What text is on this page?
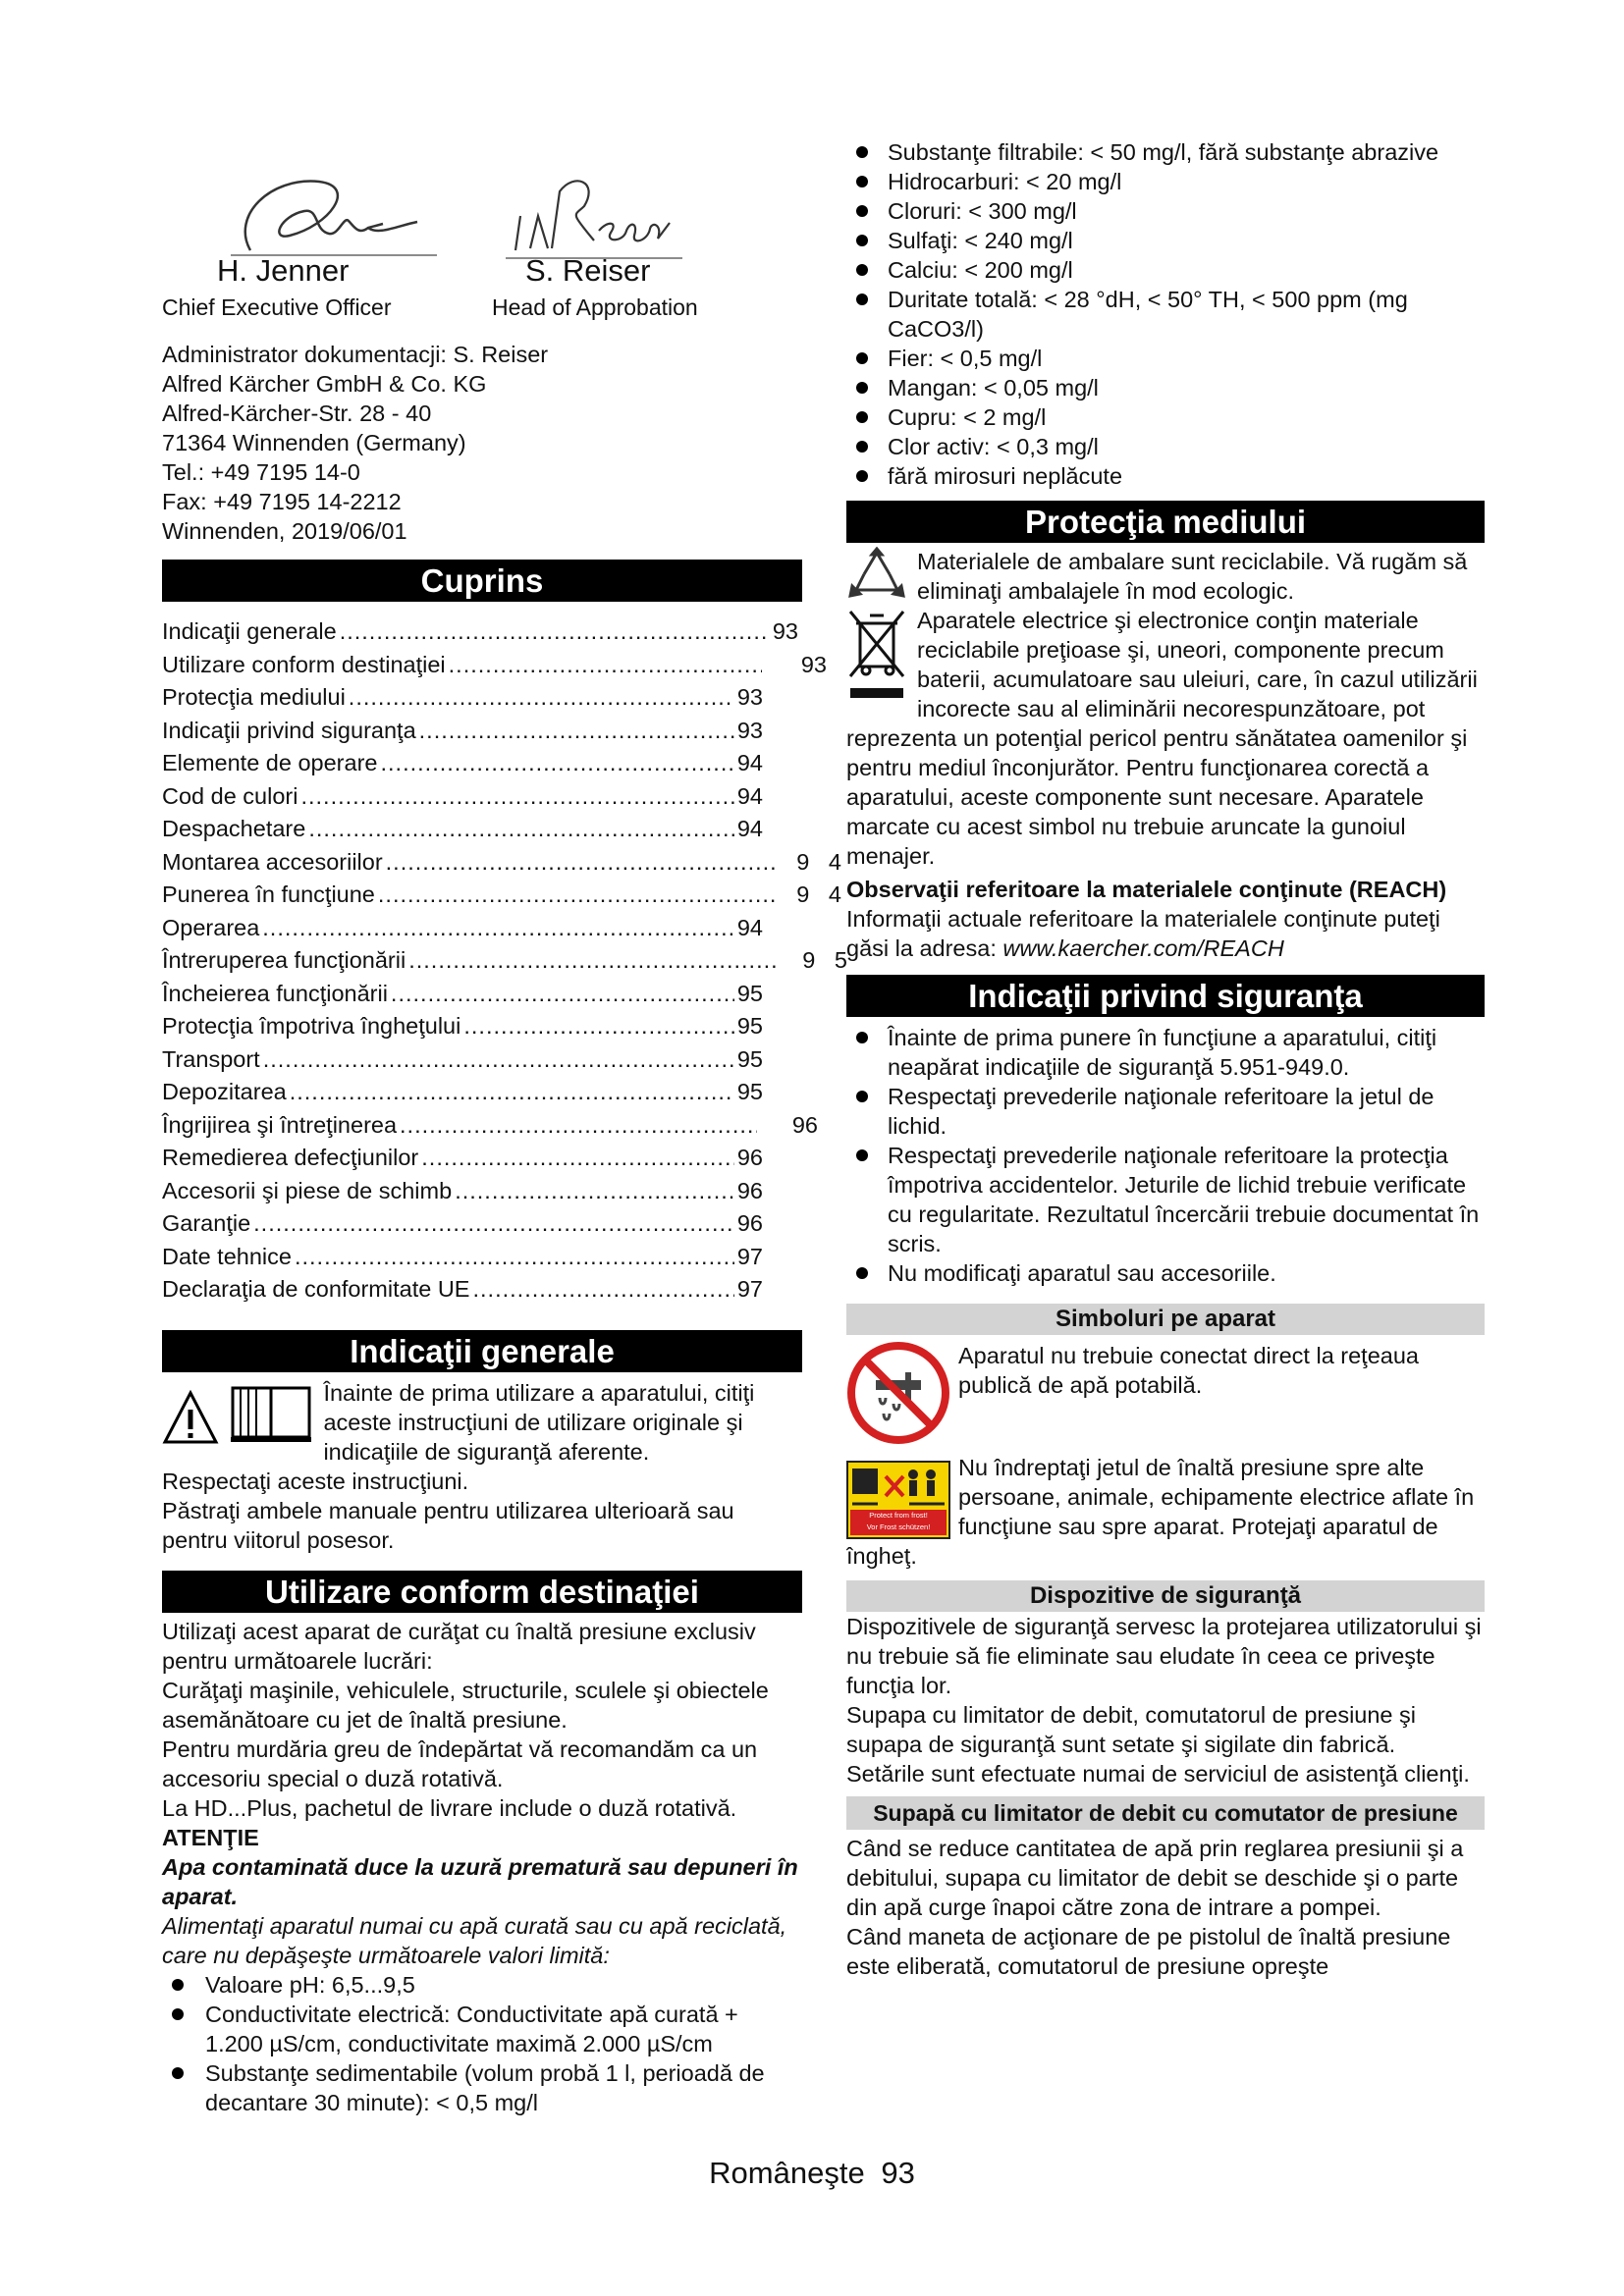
H. Jenner	S. Reiser
Chief Executive Officer	Head of Approbation
Administrator dokumentacji: S. Reiser
Alfred Kärcher GmbH & Co. KG
Alfred-Kärcher-Str. 28 - 40
71364 Winnenden (Germany)
Tel.: +49 7195 14-0
Fax: +49 7195 14-2212
Winnenden, 2019/06/01
Cuprins
Indicaţii generale .....	93
Utilizare conform destinaţiei .....	93
Protecţia mediului .....	93
Indicaţii privind siguranţa .....	93
Elemente de operare .....	94
Cod de culori .....	94
Despachetare .....	94
Montarea accesoriilor .....	9   4
Punerea în funcţiune .....	9   4
Operarea .....	94
Întreruperea funcţionării .....	9   5
Încheierea funcţionării .....	95
Protecţia împotriva îngheţului .....	95
Transport .....	95
Depozitarea .....	95
Îngrijirea şi întreţinerea .....	96
Remedierea defecţiunilor .....	96
Accesorii şi piese de schimb .....	96
Garanţie .....	96
Date tehnice .....	97
Declaraţia de conformitate UE .....	97
Indicaţii generale

Înainte de prima utilizare a aparatului, citiţi aceste instrucţiuni de utilizare originale şi indicaţiile de siguranţă aferente.
Respectaţi aceste instrucţiuni.
Păstraţi ambele manuale pentru utilizarea ulterioară sau pentru viitorul posesor.
Utilizare conform destinaţiei
Utilizaţi acest aparat de curăţat cu înaltă presiune exclusiv pentru următoarele lucrări:
Curăţaţi maşinile, vehiculele, structurile, sculele şi obiectele asemănătoare cu jet de înaltă presiune.
Pentru murdăria greu de îndepărtat vă recomandăm ca un accesoriu special o duză rotativă.
La HD...Plus, pachetul de livrare include o duză rotativă.
ATENŢIE
Apa contaminată duce la uzură prematură sau depuneri în aparat.
Alimentaţi aparatul numai cu apă curată sau cu apă reciclată, care nu depăşeşte următoarele valori limită:
Valoare pH: 6,5...9,5
Conductivitate electrică: Conductivitate apă curată + 1.200 µS/cm, conductivitate maximă 2.000 µS/cm
Substanţe sedimentabile (volum probă 1 l, perioadă de decantare 30 minute): < 0,5 mg/l
Substanţe filtrabile: < 50 mg/l, fără substanţe abrazive
Hidrocarburi: < 20 mg/l
Cloruri: < 300 mg/l
Sulfaţi: < 240 mg/l
Calciu: < 200 mg/l
Duritate totală: < 28 °dH, < 50° TH, < 500 ppm (mg CaCO3/l)
Fier: < 0,5 mg/l
Mangan: < 0,05 mg/l
Cupru: < 2 mg/l
Clor activ: < 0,3 mg/l
fără mirosuri neplăcute
Protecţia mediului
Materialele de ambalare sunt reciclabile. Vă rugăm să eliminaţi ambalajele în mod ecologic.
Aparatele electrice şi electronice conţin materiale reciclabile preţioase şi, uneori, componente precum baterii, acumulatoare sau uleiuri, care, în cazul utilizării incorecte sau al eliminării necorespunzătoare, pot reprezenta un potenţial pericol pentru sănătatea oamenilor şi pentru mediul înconjurător. Pentru funcţionarea corectă a aparatului, aceste componente sunt necesare. Aparatele marcate cu acest simbol nu trebuie aruncate la gunoiul menajer.
Observaţii referitoare la materialele conţinute (REACH)
Informaţii actuale referitoare la materialele conţinute puteţi găsi la adresa: www.kaercher.com/REACH
Indicaţii privind siguranţa
Înainte de prima punere în funcţiune a aparatului, citiţi neapărat indicaţiile de siguranţă 5.951-949.0.
Respectaţi prevederile naţionale referitoare la jetul de lichid.
Respectaţi prevederile naţionale referitoare la protecţia împotriva accidentelor. Jeturile de lichid trebuie verificate cu regularitate. Rezultatul încercării trebuie documentat în scris.
Nu modificaţi aparatul sau accesoriile.
Simboluri pe aparat
Aparatul nu trebuie conectat direct la reţeaua publică de apă potabilă.
Protect from frost!
Vor Frost schützen!
Nu îndreptaţi jetul de înaltă presiune spre alte persoane, animale, echipamente electrice aflate în funcţiune sau spre aparat. Protejaţi aparatul de îngheţ.
Dispozitive de siguranţă
Dispozitivele de siguranţă servesc la protejarea utilizatorului şi nu trebuie să fie eliminate sau eludate în ceea ce priveşte funcţia lor.
Supapa cu limitator de debit, comutatorul de presiune şi supapa de siguranţă sunt setate şi sigilate din fabrică.
Setările sunt efectuate numai de serviciul de asistenţă clienţi.
Supapă cu limitator de debit cu comutator de presiune
Când se reduce cantitatea de apă prin reglarea presiunii şi a debitului, supapa cu limitator de debit se deschide şi o parte din apă curge înapoi către zona de intrare a pompei.
Când maneta de acţionare de pe pistolul de înaltă presiune este eliberată, comutatorul de presiune opreşte
Româneşte 93
